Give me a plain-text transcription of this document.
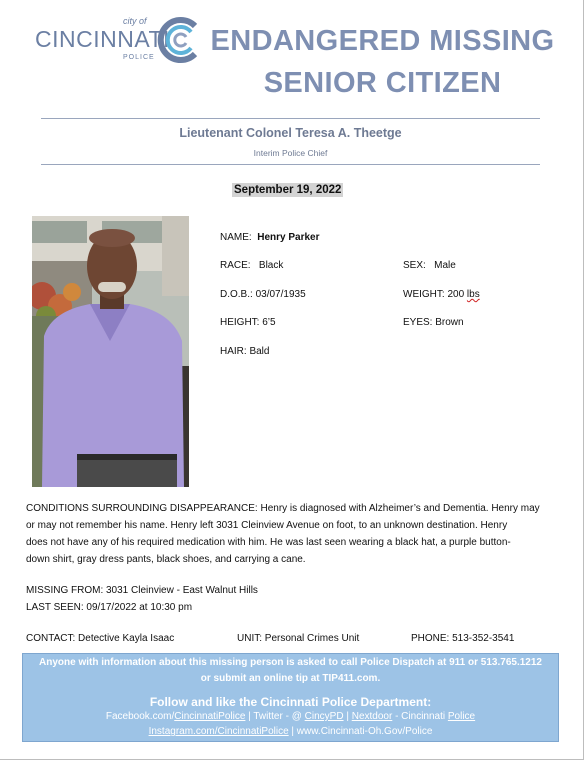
city of
CINCINNATI
POLICE
ENDANGERED MISSING
SENIOR CITIZEN
Lieutenant Colonel Teresa A. Theetge
Interim Police Chief
September 19, 2022
NAME: Henry Parker
RACE: Black	SEX: Male
D.O.B.: 03/07/1935	WEIGHT: 200 lbs
HEIGHT: 6’5	EYES: Brown
HAIR: Bald
CONDITIONS SURROUNDING DISAPPEARANCE: Henry is diagnosed with Alzheimer’s and Dementia. Henry may
or may not remember his name. Henry left 3031 Cleinview Avenue on foot, to an unknown destination. Henry
does not have any of his required medication with him. He was last seen wearing a black hat, a purple button-
down shirt, gray dress pants, black shoes, and carrying a cane.
MISSING FROM: 3031 Cleinview - East Walnut Hills
LAST SEEN: 09/17/2022 at 10:30 pm
CONTACT: Detective Kayla Isaac	UNIT: Personal Crimes Unit	PHONE: 513-352-3541
Anyone with information about this missing person is asked to call Police Dispatch at 911 or 513.765.1212
or submit an online tip at TIP411.com.
Follow and like the Cincinnati Police Department:
Facebook.com/CincinnatiPolice | Twitter - @ CincyPD | Nextdoor - Cincinnati Police
Instagram.com/CincinnatiPolice | www.Cincinnati-Oh.Gov/Police
